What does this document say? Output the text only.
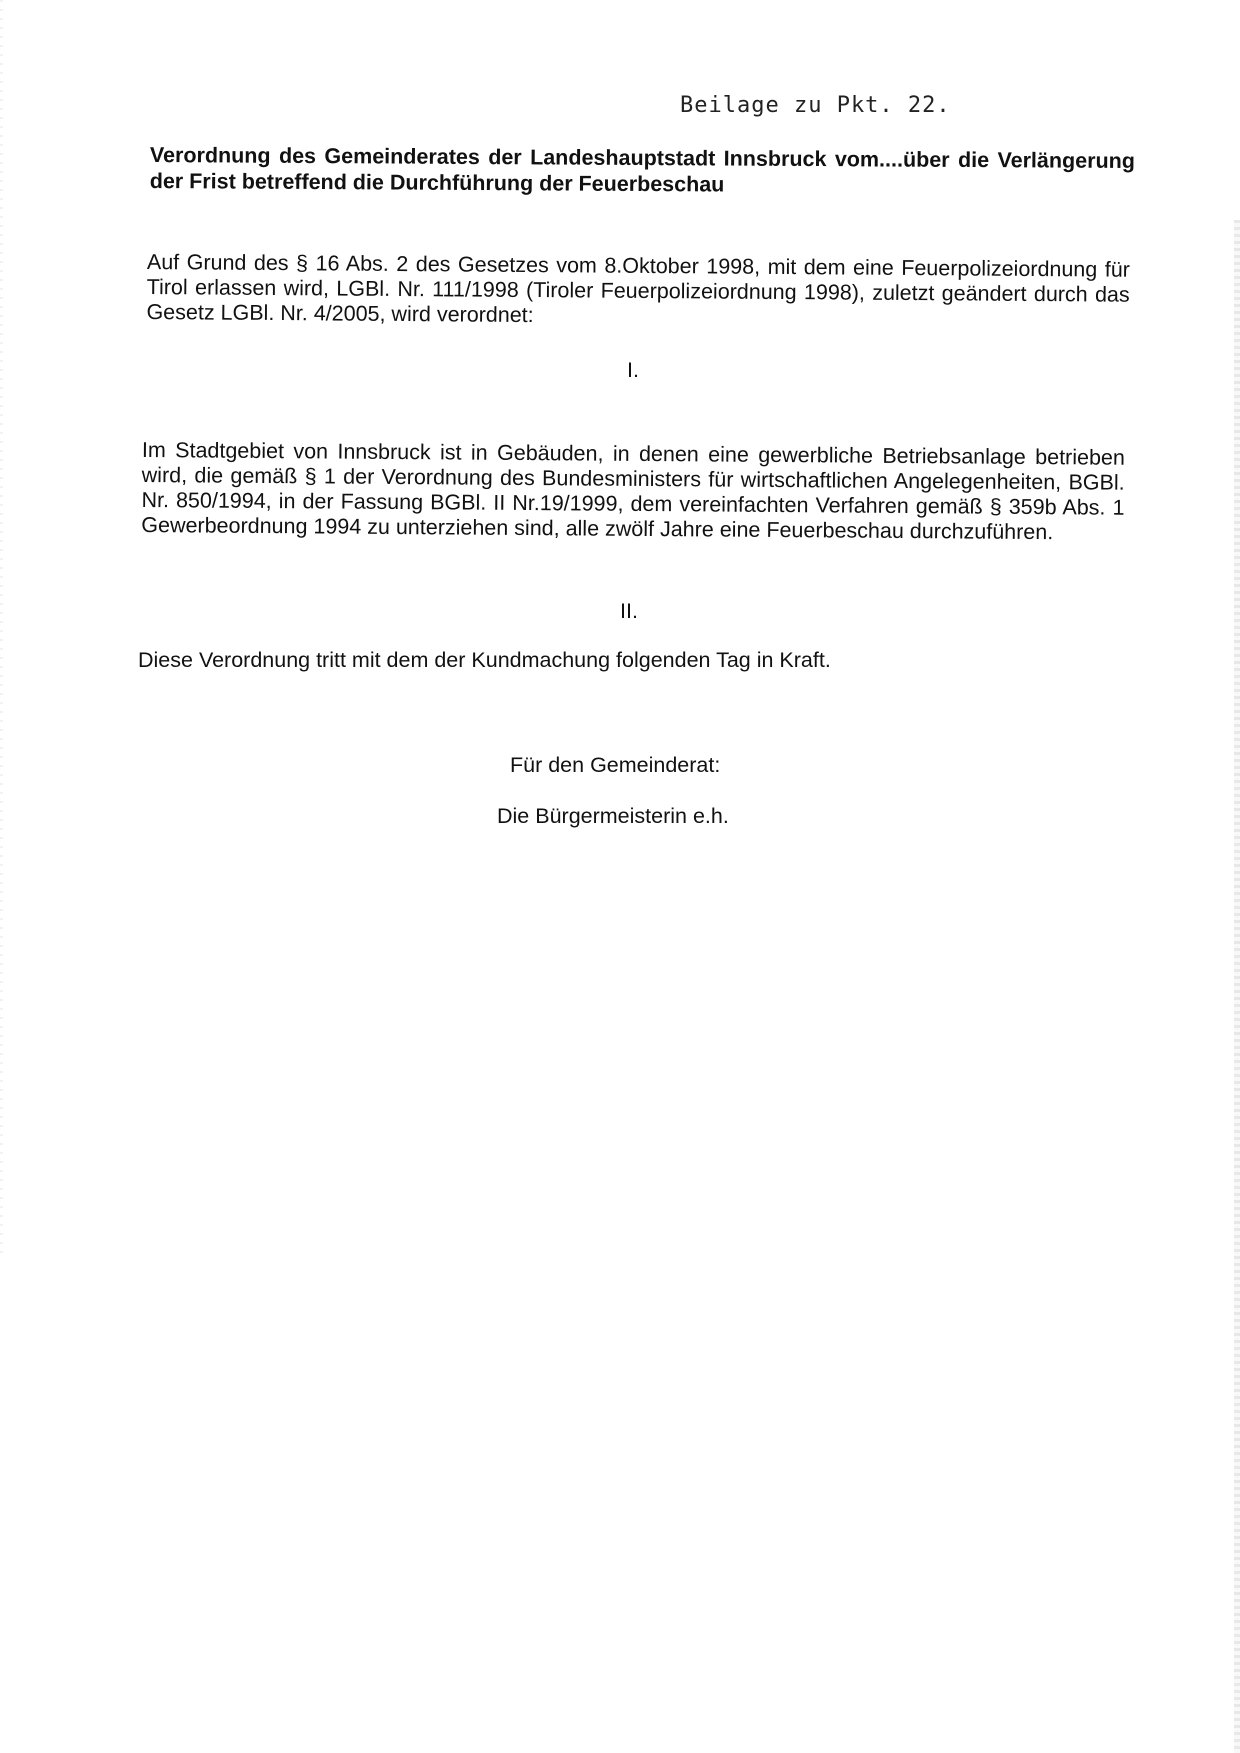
Beilage zu Pkt. 22.
Verordnung des Gemeinderates der Landeshauptstadt Innsbruck vom....über die Verlängerung der Frist betreffend die Durchführung der Feuerbeschau
Auf Grund des § 16 Abs. 2 des Gesetzes vom 8.Oktober 1998, mit dem eine Feuerpolizeiordnung für Tirol erlassen wird, LGBl. Nr. 111/1998 (Tiroler Feuerpolizeiordnung 1998), zuletzt geändert durch das Gesetz LGBl. Nr. 4/2005, wird verordnet:
I.
Im Stadtgebiet von Innsbruck ist in Gebäuden, in denen eine gewerbliche Betriebsanlage betrieben wird, die gemäß § 1 der Verordnung des Bundesministers für wirtschaftlichen Angelegenheiten, BGBl. Nr. 850/1994, in der Fassung BGBl. II Nr.19/1999, dem vereinfachten Verfahren gemäß § 359b Abs. 1 Gewerbeordnung 1994 zu unterziehen sind, alle zwölf Jahre eine Feuerbeschau durchzuführen.
II.
Diese Verordnung tritt mit dem der Kundmachung folgenden Tag in Kraft.
Für den Gemeinderat:
Die Bürgermeisterin e.h.
